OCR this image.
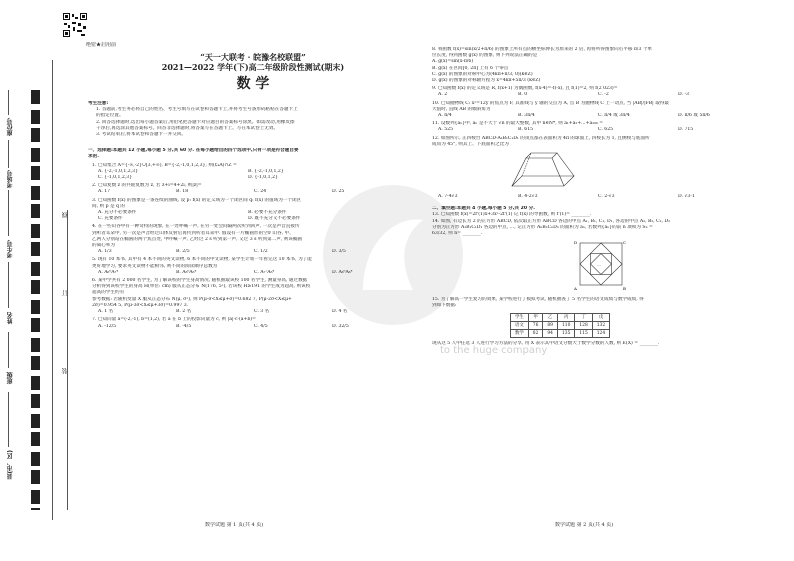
绝密★启用前
座位号
考场号
考生号
姓名
班级
县(市、区)
线
订
装
to the huge company
“天一大联考 · 皖豫名校联盟”
2021—2022 学年(下)高二年级阶段性测试(期末)
数 学
考生注意:
1. 答题前,考生务必将自己的姓名、考生号填写在试卷和答题卡上,并将考生号条形码粘贴在答题卡上
的指定位置。
2. 回答选择题时,选出每小题答案后,用铅笔把答题卡对应题目的答案标号涂黑。如需改动,用橡皮擦
干净后,再选涂其他答案标号。回答非选择题时,将答案写在答题卡上。写在本试卷上无效。
3. 考试结束后,将本试卷和答题卡一并交回。
一、选择题:本题共 12 小题,每小题 5 分,共 60 分. 在每小题给出的四个选项中,只有一项是符合题目要
求的.
1. 已知集合 A={-∞,-2}∪[3,+∞), B={-2,-1,0,1,2,3}, 则(∁ₖA)∩Z =
A. {-2,-1,0,1,2,3}	B. {-2,-1,0,1,2}
C. {-1,0,1,2,3}	D. {-1,0,1,2}
2. 已知复数 z 的共轭复数为 z̄, 若 z̄+i=4+2i, 则|z|=
A. 17	B. 18	C. 24	D. 25
3. 已知函数 f(x) 的图象是一条连续的曲线, 设 p: f(x) 的定义域为一个闭区间 q: f(x) 的值域为一个闭区
间, 则 p 是 q 的
A. 充分不必要条件	B. 必要不充分条件
C. 充要条件	D. 既不充分又不必要条件
4. 在一些山谷中有一种奇特的现象, 在一处呼喊一声, 在另一处会间隔两次听到回声, 一次是声音直接传
到听者耳朵中, 另一次是声音经过山体反射后再传到听者耳朵中. 假设有一片椭圆形的空旷山谷, 甲、
乙两人分别站在椭圆的两个焦点处, 甲呼喊一声, 乙经过 2 s 听到第一声, 又过 3 s 听到第二声, 则该椭圆
的离心率为
A. 1/3	B. 2/5	C. 1/2	D. 3/5
5. 现有 10 本书, 其中有 4 本不同的英文读物, 6 本不同的中文读物, 某学生计划一年看完这 10 本书, 为了能
更好地学习, 要求英文读物不能相邻, 则不同的阅读顺序总数为
A. A₆⁶A₇⁴	B. A₆⁶A₆⁴	C. A₇⁷A₆⁴	D. A₆⁶A₆⁴
6. 某中学共有 2 000 名学生, 为了解该校的学生身高情况, 随机抽取该校 100 名学生, 测量身高, 通过数据
分析得到该校学生的身高 H(单位: cm) 服从正态分布 N(176, 5²), 若该校 H≥191 的学生成为超高, 则该校
超高的学生约有
参考数据: 若随机变量 X 服从正态分布 N(μ, σ²), 则 P(μ-σ<X≤μ+σ)=0.682 7, P(μ-2σ<X≤μ+
2σ)=0.954 5, P(μ-3σ<X≤μ+3σ)=0.997 3.
A. 1 名	B. 2 名	C. 3 名	D. 4 名
7. 已知向量 a=(-2,-1), b=(1,2), 若 a 在 b 上的投影向量为 c, 则 |a|·c·(a+b)=
A. -12/5	B. -4/5	C. 4/5	D. 32/5
8. 将函数 f(x)=sin(x/2+π/6) 的图象上所有点的横坐标伸长为原来的 2 倍, 再将所得图象向右平移 π/3 个单
位长度, 得到函数 g(x) 的图象, 则下列说法正确的是
A. g(x)=sin(x-π/6)
B. g(x) 在区间[0, 2π] 上有 6 个零点
C. g(x) 的图象的对称中心为(4kπ+π/3, 0)(k∈Z)
D. g(x) 的图象的对称轴方程为 x=4kπ+5π/3 (k∈Z)
9. 已知函数 f(x) 的定义域是 R, f(x+1) 为偶函数, f(x-4)=-f(-x), 且 f(1)=2, 则 f(2 023)=
A. 2	B. 0	C. -2	D. -3
10. 已知抛物线 C: x²=12y 的焦点为 F, 其准线与 y 轴的交点为 A, 点 B 为抛物线 C 上一动点, 当 |AB|/|FB| 取得最
大值时, 直线 AB 的倾斜角为
A. π/4	B. 3π/4	C. π/4 或 3π/4	D. π/6 或 5π/6
11. 设数列{aₙ}中, aₙ 是不大于 √n 的最大整数, 其中 n∈N*, 则 a₁+a₂+…+a₂₀₀ =
A. 525	B. 615	C. 625	D. 715
12. 如图所示, 正四棱台 ABCD-A₁B₁C₁D₁ 的顶点都在表面积为 4π 的球面上, 四棱长为 1, 且侧棱与底面所
成角为 45°, 则其上、下底面积之比为
A. 7-4√3	B. 4-2√3	C. 2-√3	D. √3-1
二、填空题:本题共 4 小题,每小题 5 分,共 20 分.
13. 已知函数 f(x)=2f'(1)x+3x²-2f'(1) 记 f(x) 的导函数, 则 f'(1)= ________.
14. 如图, 有边长为 2 的正方形 ABCD, 依次取正方形 ABCD 各边的中点 A₁, B₁, C₁, D₁, 各边的中点 A₂, B₂, C₂, D₂
分别为正方形 A₁B₁C₁D₁ 各边的中点, …, 记正方形 AₙBₙCₙDₙ 的面积为 aₙ, 若数列{aₙ}的前 n 项和为 Sₙ =
63/32, 则 n= ________.
D	C
A	B
…
15. 为了解高一学生复习的效果, 某学校进行了模拟考试, 随机抽查了 5 名学生的语文成绩与数学成绩, 得
到如下数据:
学生	甲	乙	丙	丁	戊
语文	76	89	110	128	132
数学	82	94	135	115	124
现从这 5 人中任选 3 人进行学习方法的分享, 用 X 表示其中语文分数大于数学分数的人数, 则 E(X) = ________.
数学试题 第 1 页(共 4 页)	数学试题 第 2 页(共 4 页)
